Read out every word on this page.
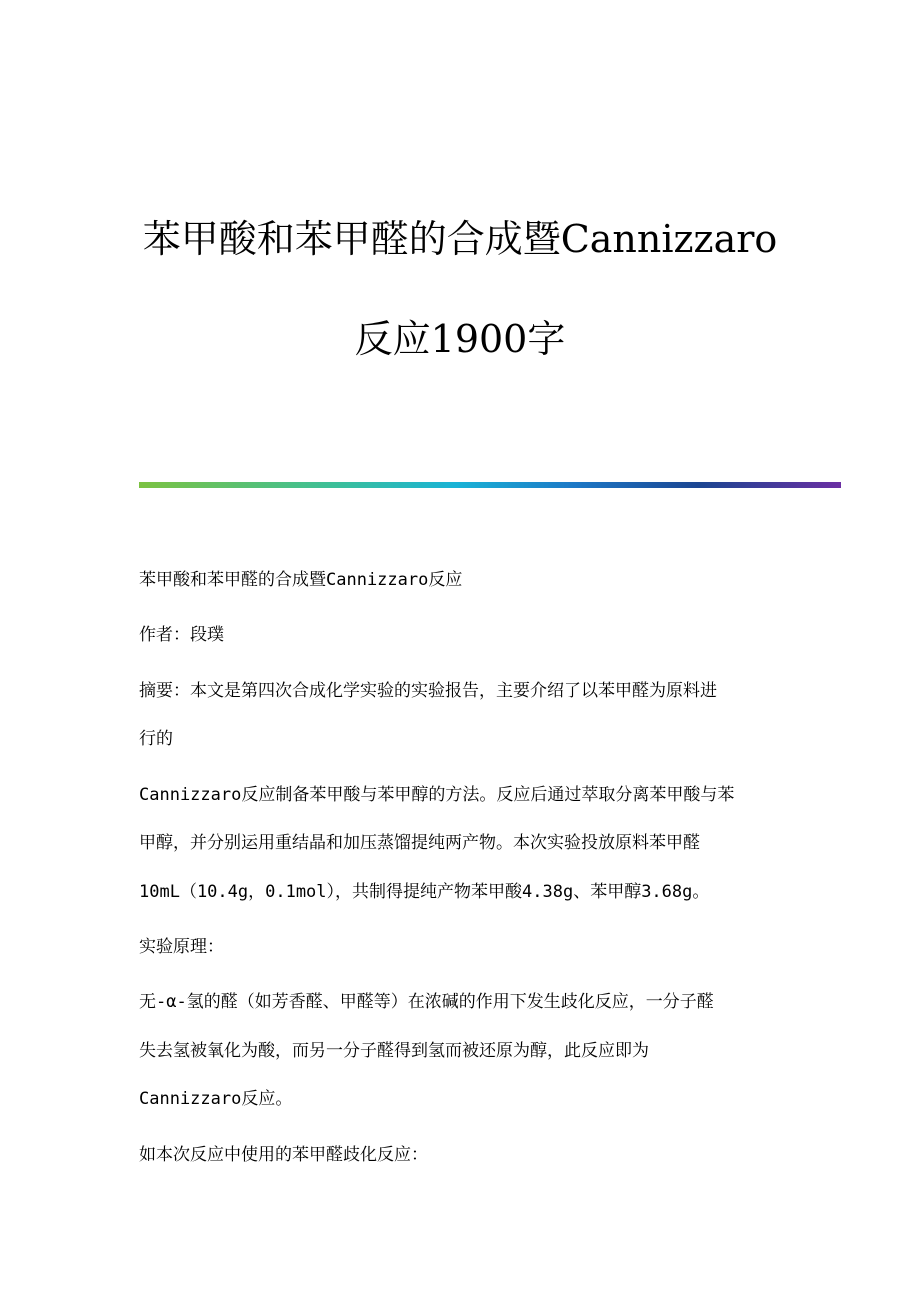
苯甲酸和苯甲醛的合成暨Cannizzaro
反应1900字
苯甲酸和苯甲醛的合成暨Cannizzaro反应
作者：段璞
摘要：本文是第四次合成化学实验的实验报告，主要介绍了以苯甲醛为原料进
行的
Cannizzaro反应制备苯甲酸与苯甲醇的方法。反应后通过萃取分离苯甲酸与苯
甲醇，并分别运用重结晶和加压蒸馏提纯两产物。本次实验投放原料苯甲醛
10mL（10.4g，0.1mol），共制得提纯产物苯甲酸4.38g、苯甲醇3.68g。
实验原理：
无-α-氢的醛（如芳香醛、甲醛等）在浓碱的作用下发生歧化反应，一分子醛
失去氢被氧化为酸，而另一分子醛得到氢而被还原为醇，此反应即为
Cannizzaro反应。
如本次反应中使用的苯甲醛歧化反应：
